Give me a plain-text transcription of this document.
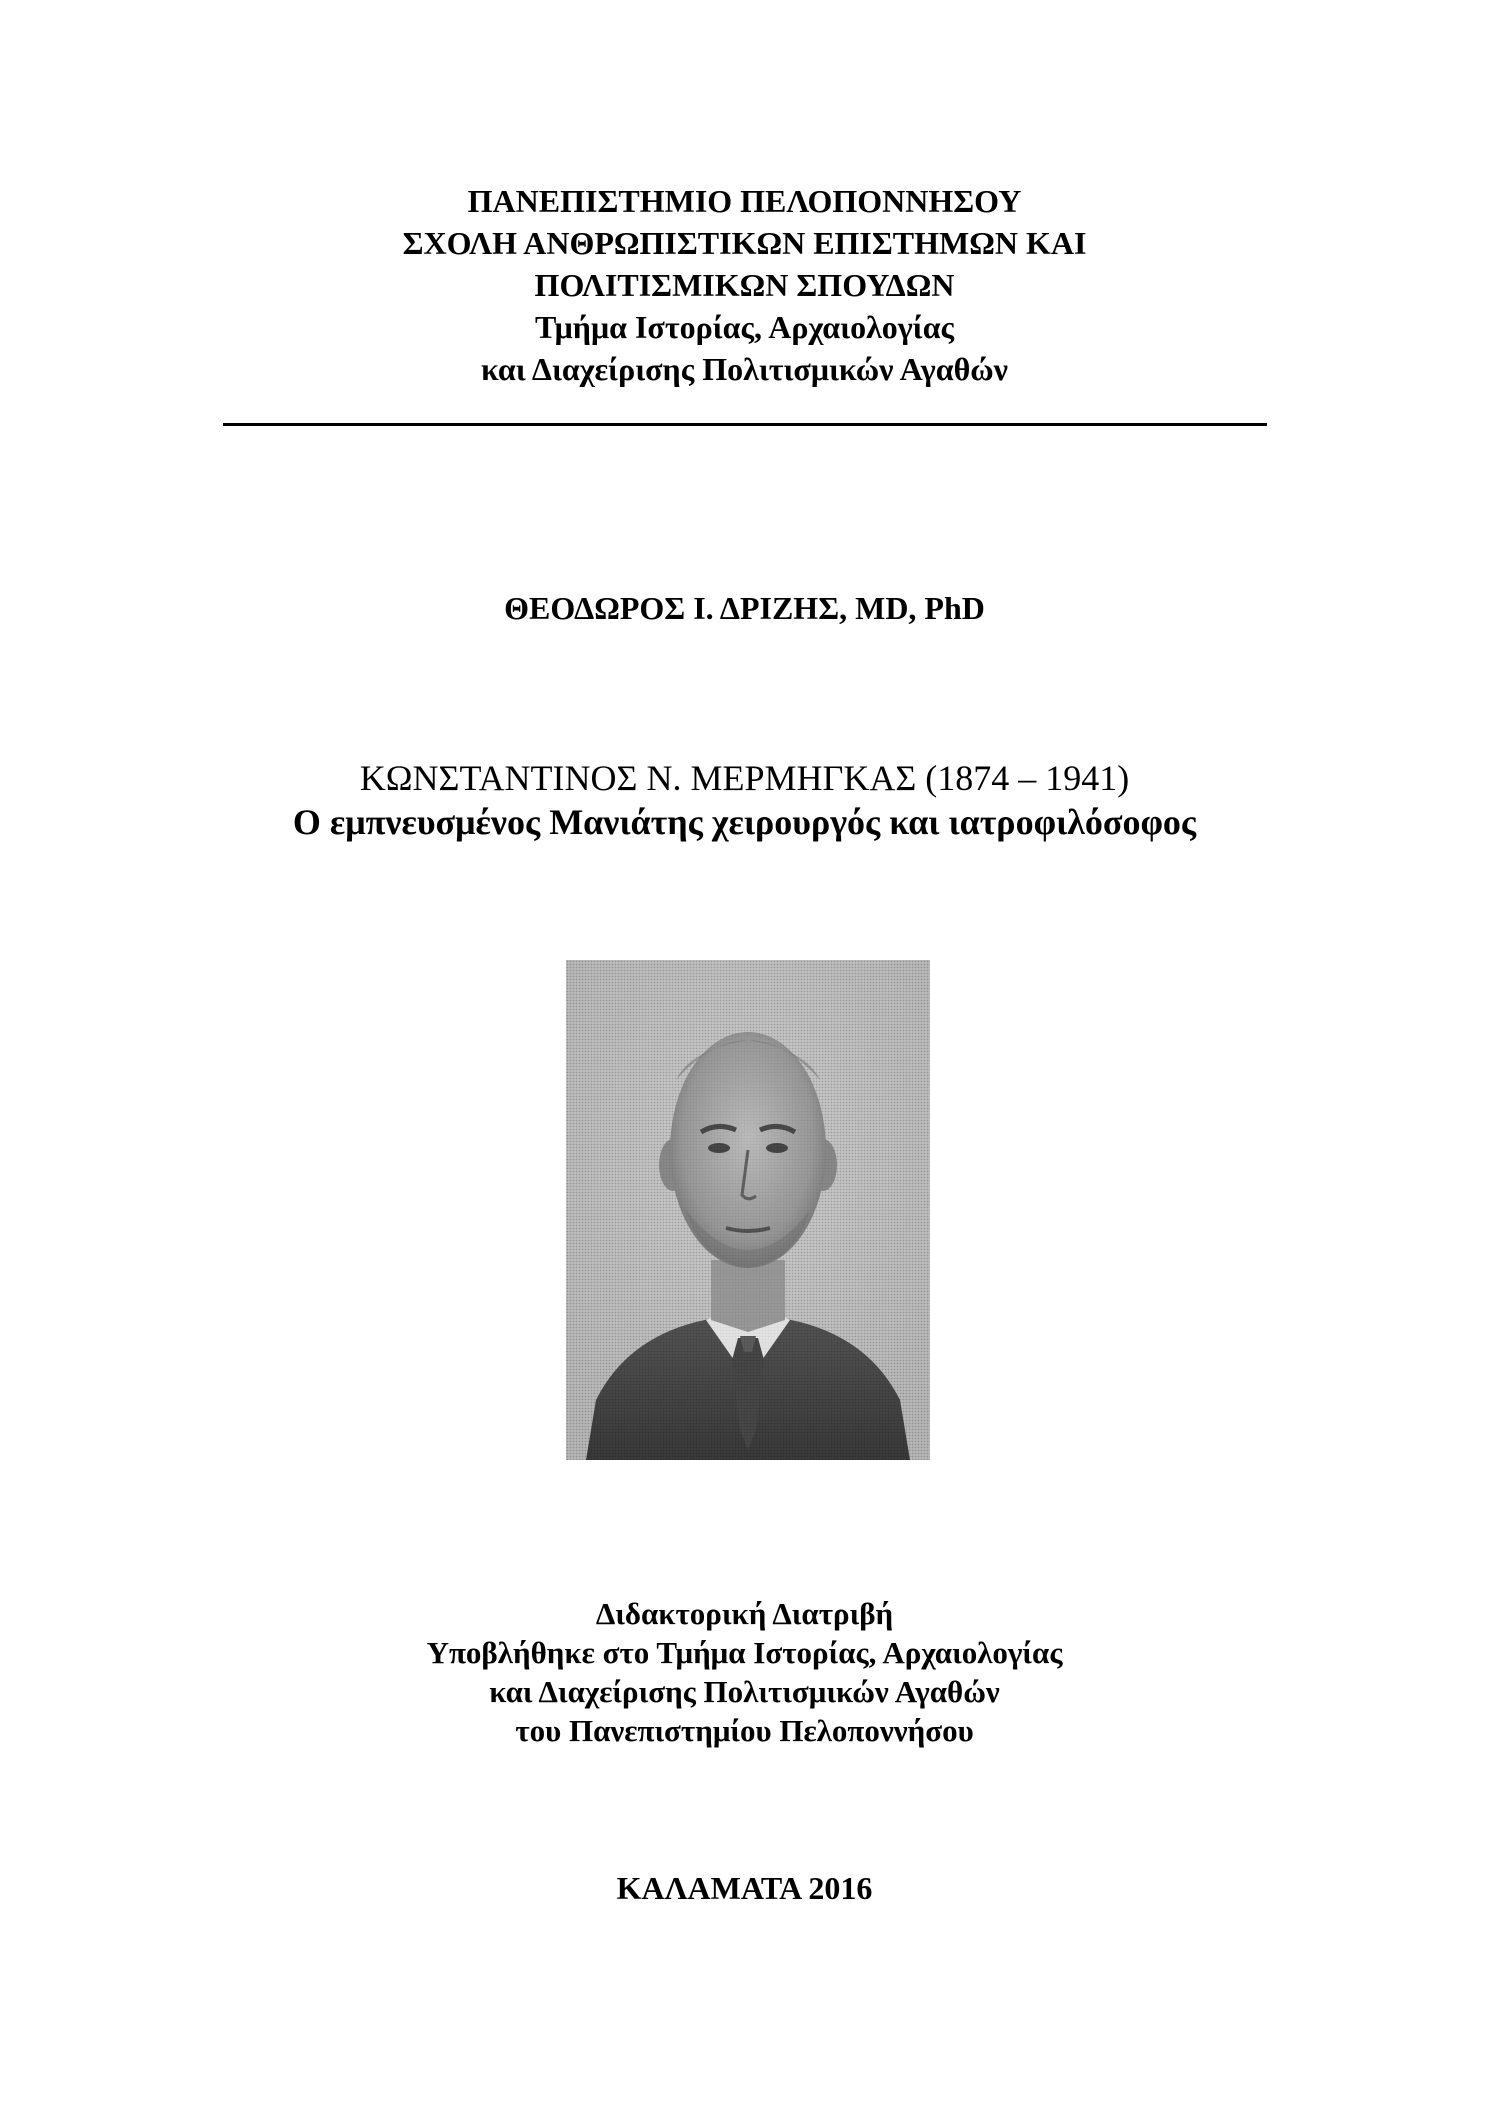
ΠΑΝΕΠΙΣΤΗΜΙΟ ΠΕΛΟΠΟΝΝΗΣΟΥ
ΣΧΟΛΗ ΑΝΘΡΩΠΙΣΤΙΚΩΝ ΕΠΙΣΤΗΜΩΝ ΚΑΙ
ΠΟΛΙΤΙΣΜΙΚΩΝ ΣΠΟΥΔΩΝ
Τμήμα Ιστορίας, Αρχαιολογίας
και Διαχείρισης Πολιτισμικών Αγαθών
ΘΕΟΔΩΡΟΣ Ι. ΔΡΙΖΗΣ, MD, PhD
ΚΩΝΣΤΑΝΤΙΝΟΣ Ν. ΜΕΡΜΗΓΚΑΣ (1874 – 1941)
Ο εμπνευσμένος Μανιάτης χειρουργός και ιατροφιλόσοφος
Διδακτορική Διατριβή
Υποβλήθηκε στο Τμήμα Ιστορίας, Αρχαιολογίας
και Διαχείρισης Πολιτισμικών Αγαθών
του Πανεπιστημίου Πελοποννήσου
ΚΑΛΑΜΑΤΑ 2016
